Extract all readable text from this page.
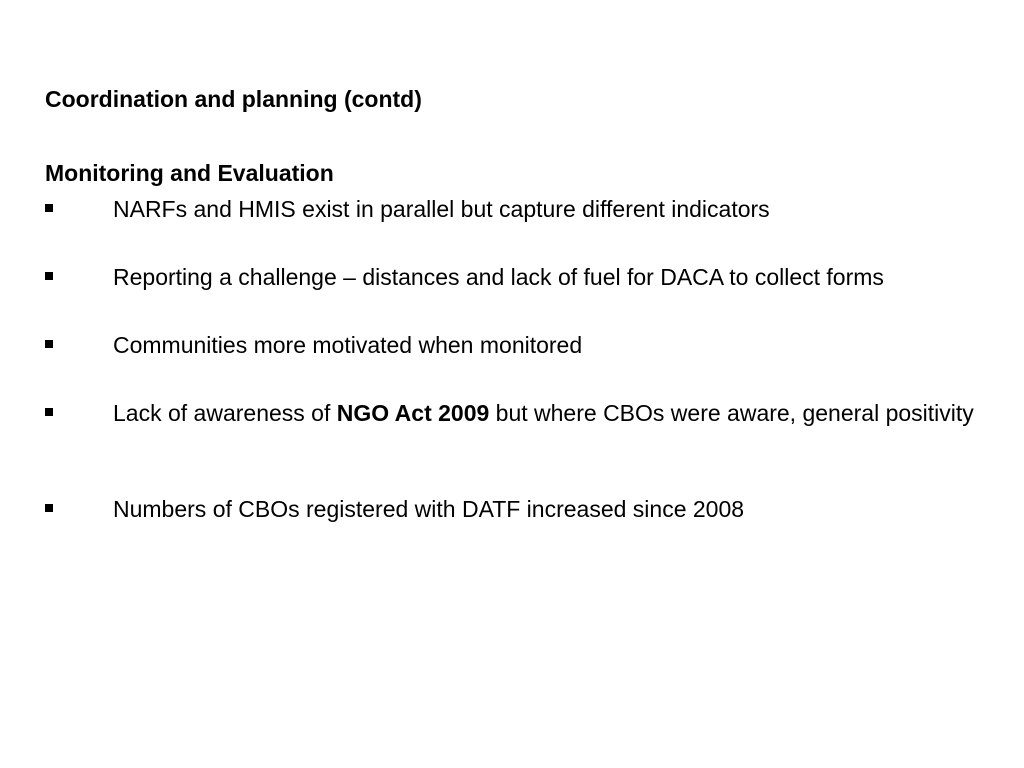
Coordination and planning (contd)
Monitoring and Evaluation
NARFs and HMIS exist in parallel but capture different indicators
Reporting a challenge – distances and lack of fuel for DACA to collect forms
Communities more motivated when monitored
Lack of awareness of NGO Act 2009 but where CBOs were aware, general positivity
Numbers of CBOs registered with DATF increased since 2008
